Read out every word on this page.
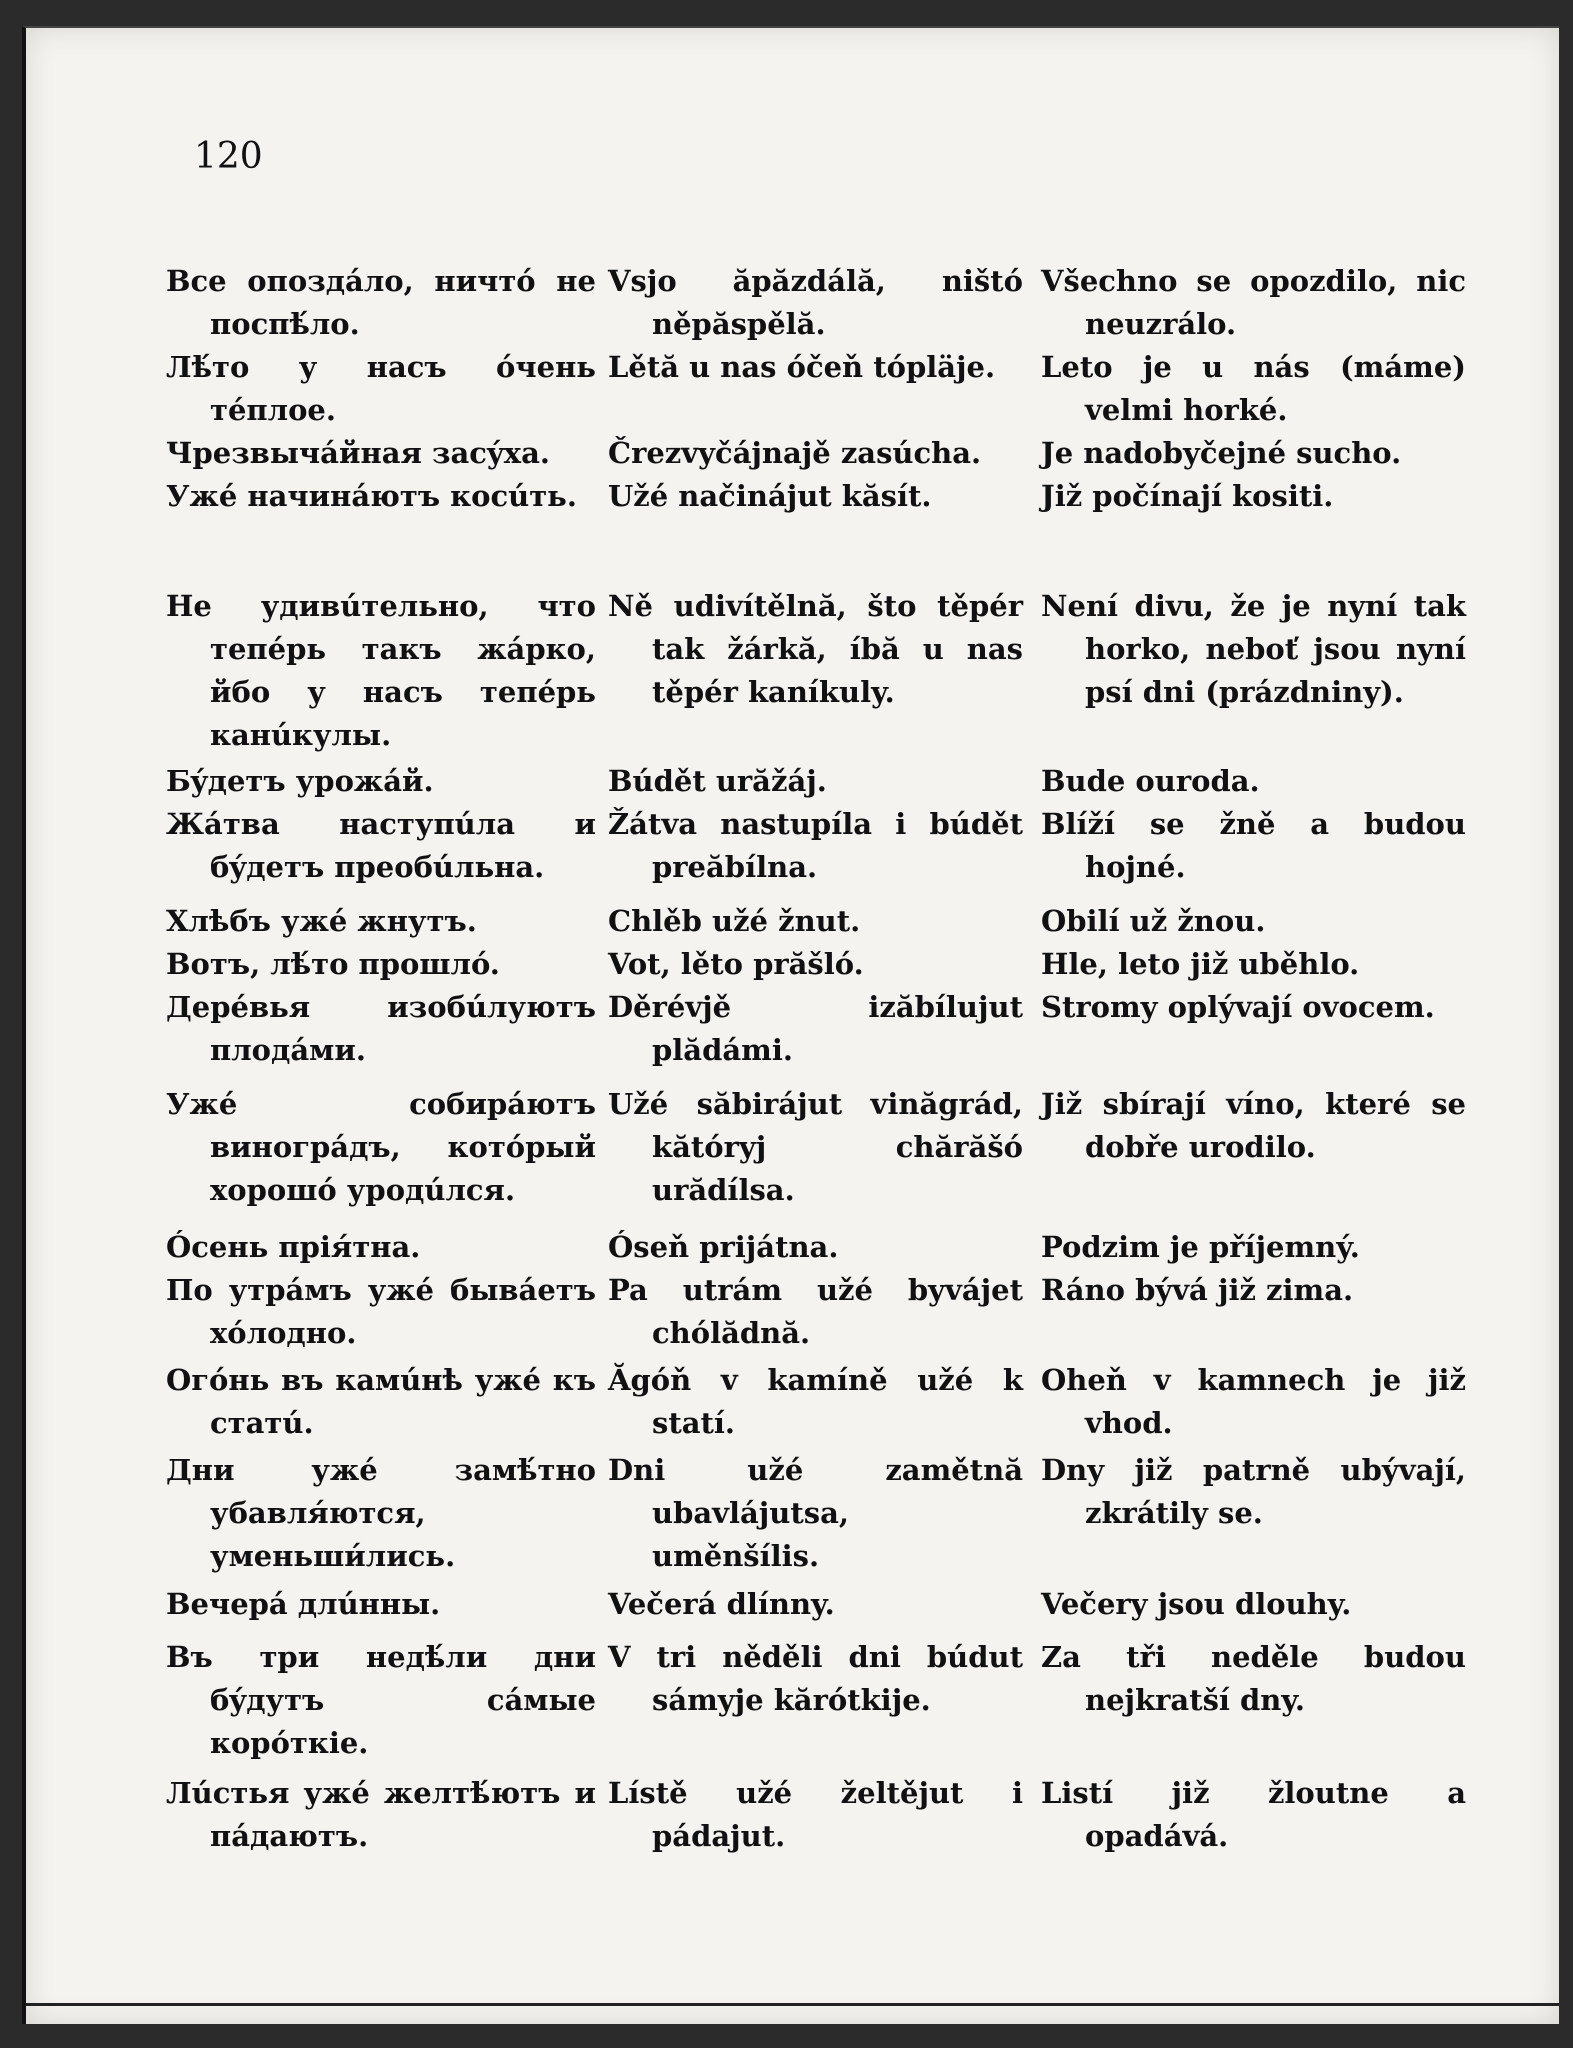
120
Все опоздáло, ничтó не поспѣ́ло.
Лѣ́то у насъ óчень тéплое.
Чрезвычáйная засýха.
Ужé начинáютъ косúть.
Не удивúтельно, что тепéрь такъ жáрко, йбо у насъ тепéрь канúкулы.
Бýдетъ урожáй.
Жáтва наступúла и бýдетъ преобúльна.
Хлѣбъ ужé жнутъ.
Вотъ, лѣ́то прошлó.
Дерéвья изобúлуютъ плодáми.
Ужé собирáютъ виногрáдъ, котóрый хорошó уродúлся.
Óсень прiя́тна.
По утрáмъ ужé бывáетъ хóлодно.
Огóнь въ камúнѣ ужé къ статú.
Дни ужé замѣ́тно убавля́ются, уменьши́лись.
Вечерá длúнны.
Въ три недѣ́ли дни бýдутъ сáмые корóткiе.
Лúстья ужé желтѣ́ютъ и пáдаютъ.
Vsjo ăpăzdálă, ništó něpăspělă.
Lětă u nas óčeň tópläje.
Črezvyčájnajě zasúcha.
Užé načinájut kăsít.
Ně udivítělnă, što těpér tak žárkă, íbă u nas těpér kaníkuly.
Búdět urăžáj.
Žátva nastupíla i búdět preăbílna.
Chlěb užé žnut.
Vot, lěto prăšló.
Děrévjě izăbílujut plădámi.
Užé săbirájut vinăgrád, kătóryj chărăšó urădílsa.
Óseň prijátna.
Pa utrám užé byvájet chólădnă.
Ăgóň v kamíně užé k statí.
Dni užé zamětnă ubavlájutsa, uměnšílis.
Večerá dlínny.
V tri něděli dni búdut sámyje kărótkije.
Lístě užé želtějut i pádajut.
Všechno se opozdilo, nic neuzrálo.
Leto je u nás (máme) velmi horké.
Je nadobyčejné sucho.
Již počínají kositi.
Není divu, že je nyní tak horko, neboť jsou nyní psí dni (prázdniny).
Bude ouroda.
Blíží se žně a budou hojné.
Obilí už žnou.
Hle, leto již uběhlo.
Stromy oplývají ovocem.
Již sbírají víno, které se dobře urodilo.
Podzim je příjemný.
Ráno bývá již zima.
Oheň v kamnech je již vhod.
Dny již patrně ubývají, zkrátily se.
Večery jsou dlouhy.
Za tři neděle budou nejkratší dny.
Listí již žloutne a opadává.
